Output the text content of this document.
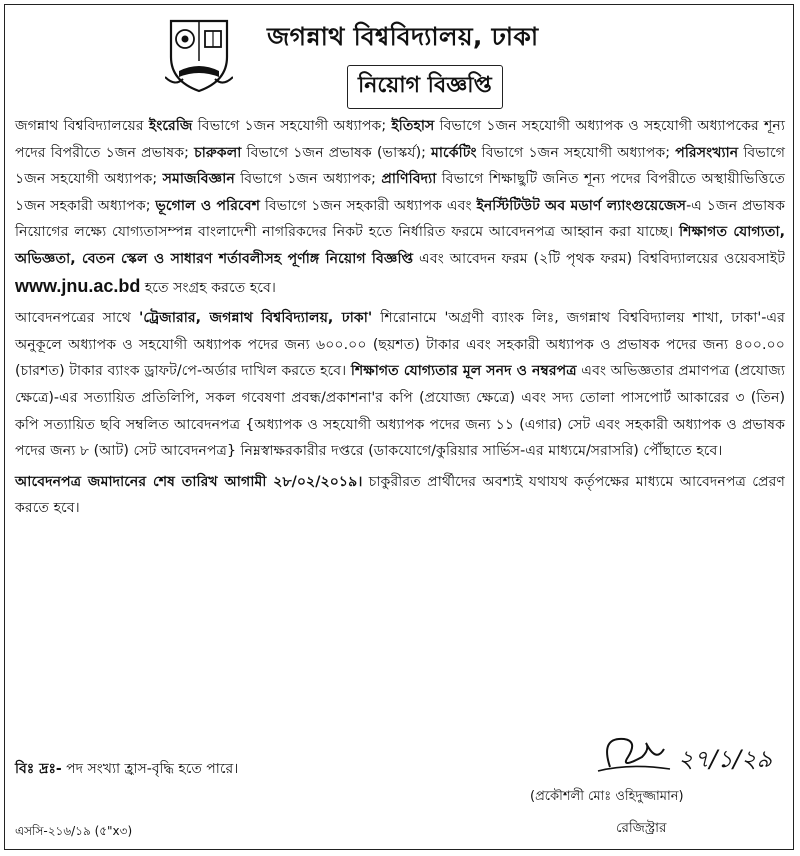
জগন্নাথ বিশ্ববিদ্যালয়, ঢাকা
নিয়োগ বিজ্ঞপ্তি

জগন্নাথ বিশ্ববিদ্যালয়ের ইংরেজি বিভাগে ১জন সহযোগী অধ্যাপক; ইতিহাস বিভাগে ১জন সহযোগী অধ্যাপক ও সহযোগী অধ্যাপকের শূন্য পদের বিপরীতে ১জন প্রভাষক; চারুকলা বিভাগে ১জন প্রভাষক (ভাস্কর্য); মার্কেটিং বিভাগে ১জন সহযোগী অধ্যাপক; পরিসংখ্যান বিভাগে ১জন সহযোগী অধ্যাপক; সমাজবিজ্ঞান বিভাগে ১জন অধ্যাপক; প্রাণিবিদ্যা বিভাগে শিক্ষাছুটি জনিত শূন্য পদের বিপরীতে অস্থায়ীভিত্তিতে ১জন সহকারী অধ্যাপক; ভূগোল ও পরিবেশ বিভাগে ১জন সহকারী অধ্যাপক এবং ইনস্টিটিউট অব মডার্ণ ল্যাংগুয়েজেস-এ ১জন প্রভাষক নিয়োগের লক্ষ্যে যোগ্যতাসম্পন্ন বাংলাদেশী নাগরিকদের নিকট হতে নির্ধারিত ফরমে আবেদনপত্র আহ্বান করা যাচ্ছে। শিক্ষাগত যোগ্যতা, অভিজ্ঞতা, বেতন স্কেল ও সাধারণ শর্তাবলীসহ পূর্ণাঙ্গ নিয়োগ বিজ্ঞপ্তি এবং আবেদন ফরম (২টি পৃথক ফরম) বিশ্ববিদ্যালয়ের ওয়েবসাইট www.jnu.ac.bd হতে সংগ্রহ করতে হবে।

আবেদনপত্রের সাথে 'ট্রেজারার, জগন্নাথ বিশ্ববিদ্যালয়, ঢাকা' শিরোনামে 'অগ্রণী ব্যাংক লিঃ, জগন্নাথ বিশ্ববিদ্যালয় শাখা, ঢাকা'-এর অনুকূলে অধ্যাপক ও সহযোগী অধ্যাপক পদের জন্য ৬০০.০০ (ছয়শত) টাকার এবং সহকারী অধ্যাপক ও প্রভাষক পদের জন্য ৪০০.০০ (চারশত) টাকার ব্যাংক ড্রাফট/পে-অর্ডার দাখিল করতে হবে। শিক্ষাগত যোগ্যতার মূল সনদ ও নম্বরপত্র এবং অভিজ্ঞতার প্রমাণপত্র (প্রযোজ্য ক্ষেত্রে)-এর সত্যায়িত প্রতিলিপি, সকল গবেষণা প্রবন্ধ/প্রকাশনা'র কপি (প্রযোজ্য ক্ষেত্রে) এবং সদ্য তোলা পাসপোর্ট আকারের ৩ (তিন) কপি সত্যায়িত ছবি সম্বলিত আবেদনপত্র {অধ্যাপক ও সহযোগী অধ্যাপক পদের জন্য ১১ (এগার) সেট এবং সহকারী অধ্যাপক ও প্রভাষক পদের জন্য ৮ (আট) সেট আবেদনপত্র} নিম্নস্বাক্ষরকারীর দপ্তরে (ডাকযোগে/কুরিয়ার সার্ভিস-এর মাধ্যমে/সরাসরি) পৌঁছাতে হবে।

আবেদনপত্র জমাদানের শেষ তারিখ আগামী ২৮/০২/২০১৯। চাকুরীরত প্রার্থীদের অবশ্যই যথাযথ কর্তৃপক্ষের মাধ্যমে আবেদনপত্র প্রেরণ করতে হবে।

বিঃ দ্রঃ- পদ সংখ্যা হ্রাস-বৃদ্ধি হতে পারে।	২৭/১/২৯
(প্রকৌশলী মোঃ ওহিদুজ্জামান)
রেজিস্ট্রার
এসসি-২১৬/১৯ (৫"x৩)
